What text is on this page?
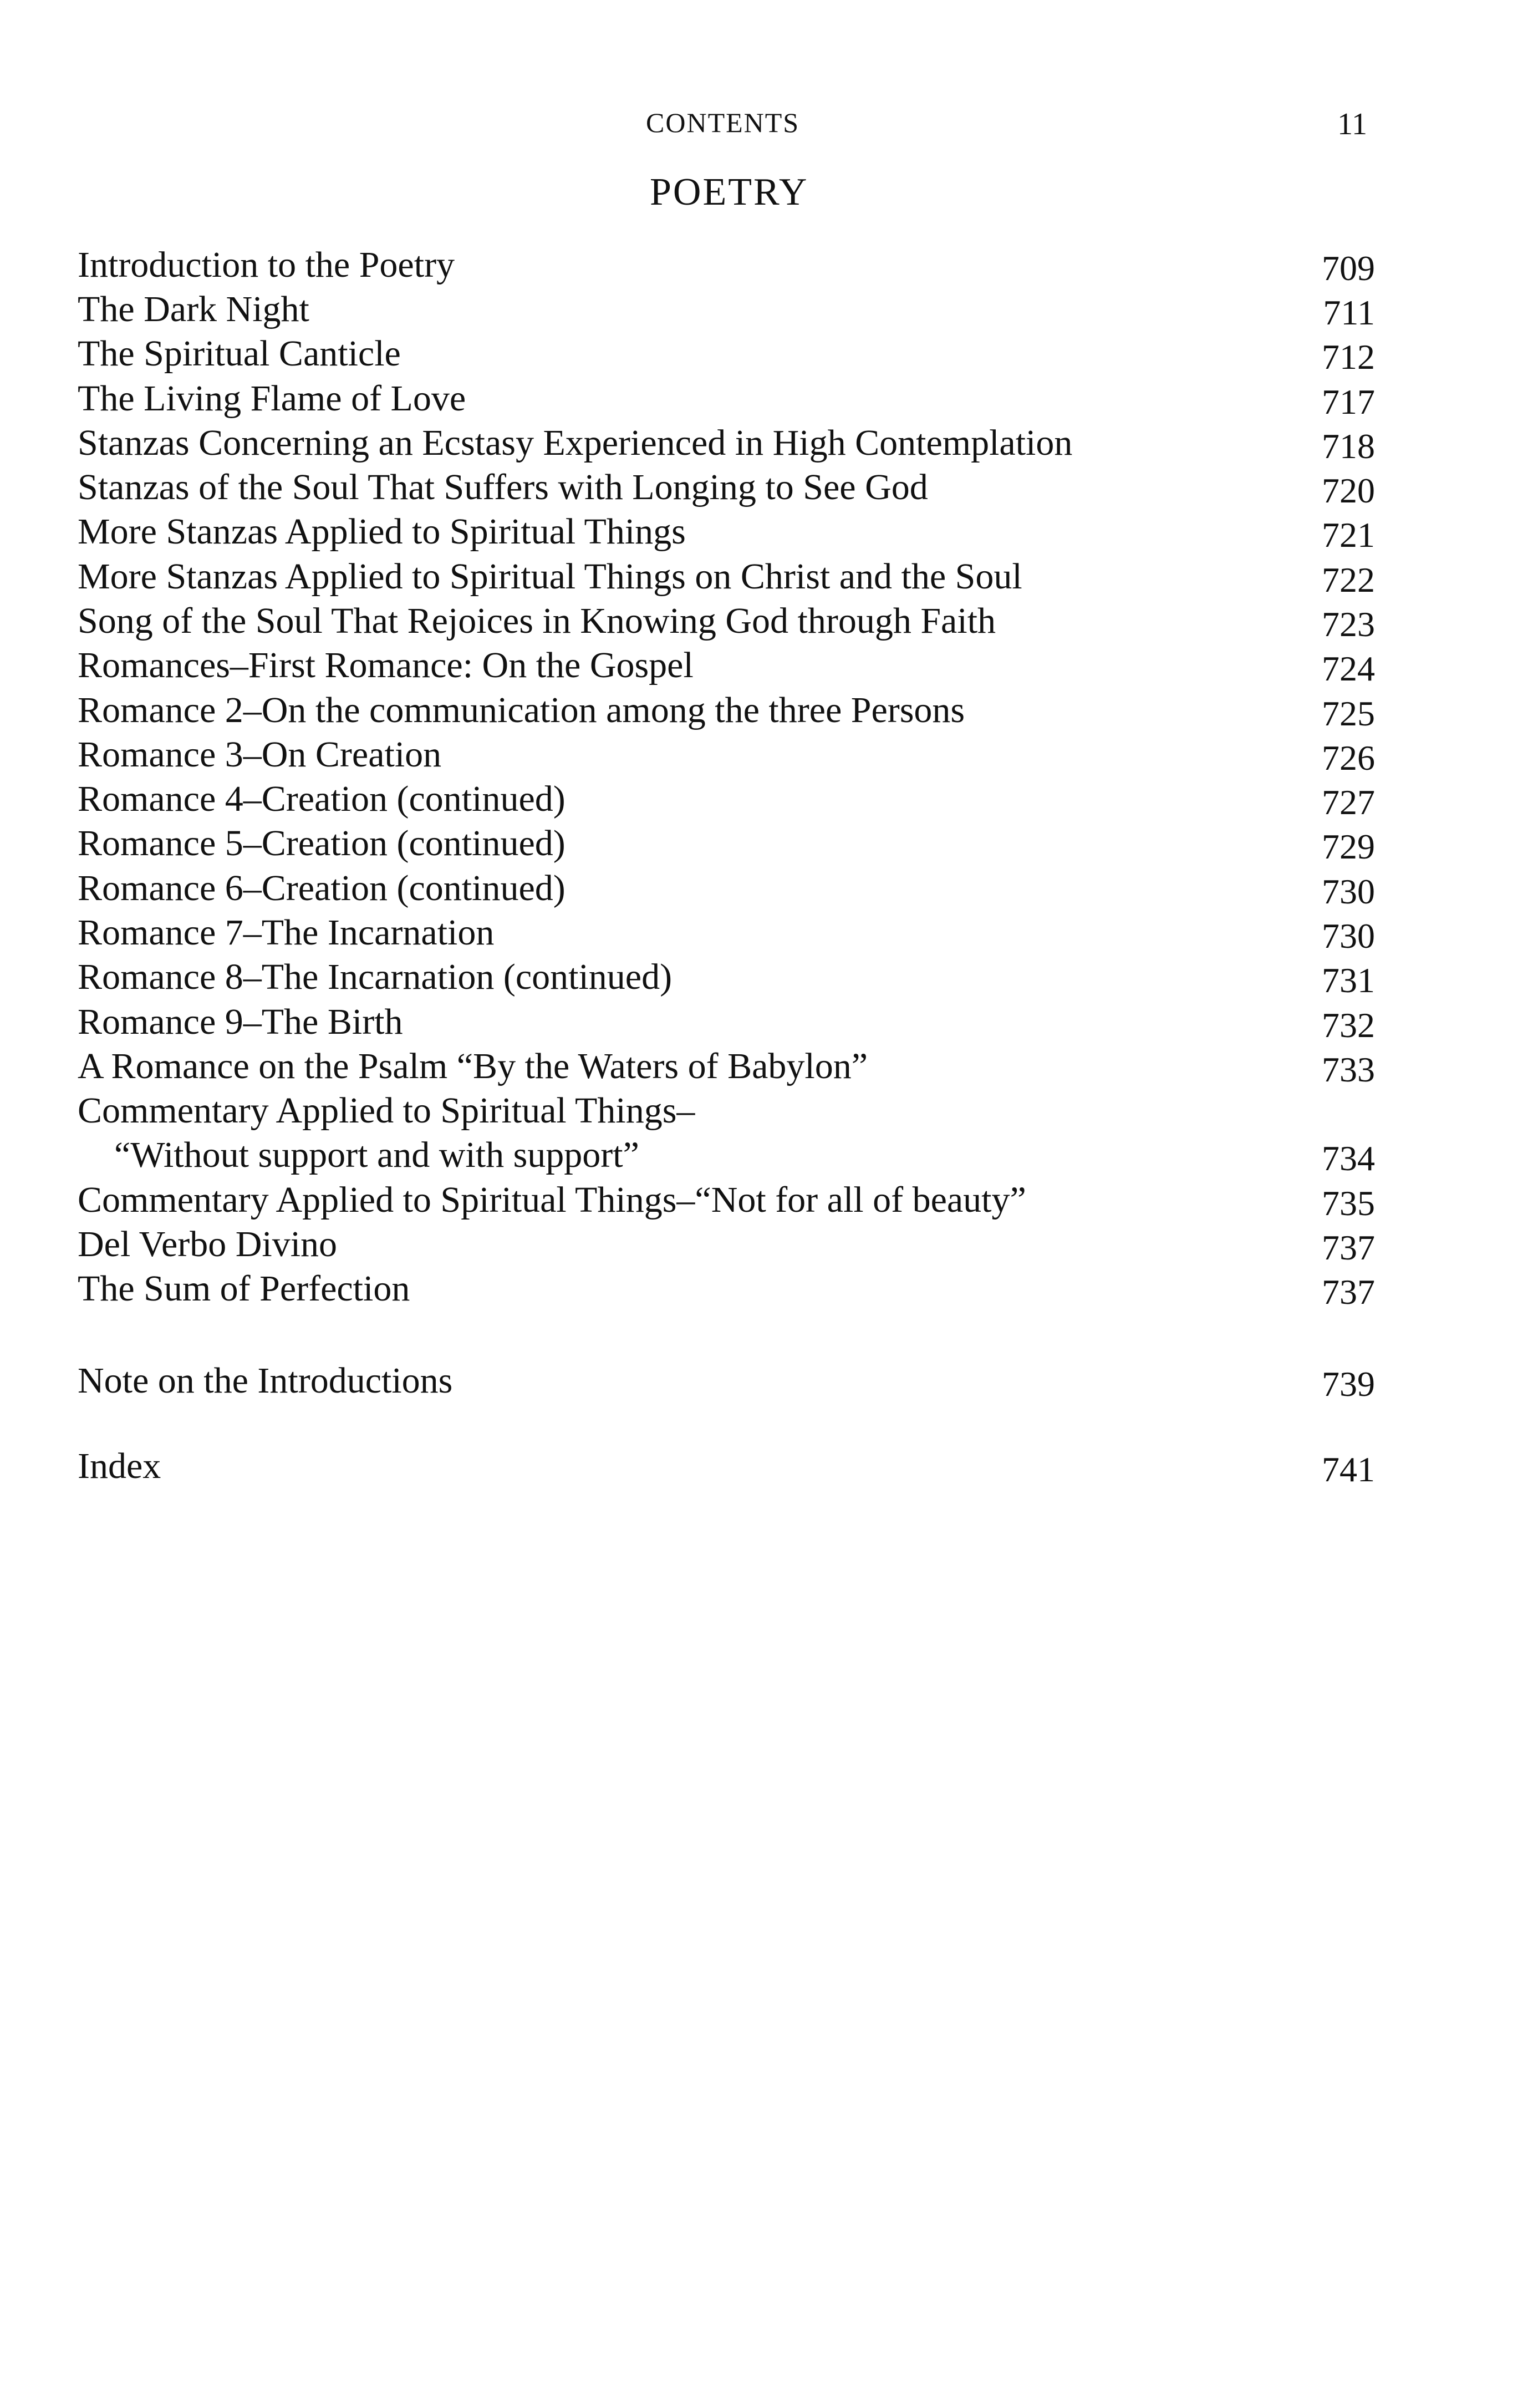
CONTENTS	11
POETRY
Introduction to the Poetry	709
The Dark Night	711
The Spiritual Canticle	712
The Living Flame of Love	717
Stanzas Concerning an Ecstasy Experienced in High Contemplation	718
Stanzas of the Soul That Suffers with Longing to See God	720
More Stanzas Applied to Spiritual Things	721
More Stanzas Applied to Spiritual Things on Christ and the Soul	722
Song of the Soul That Rejoices in Knowing God through Faith	723
Romances–First Romance: On the Gospel	724
Romance 2–On the communication among the three Persons	725
Romance 3–On Creation	726
Romance 4–Creation (continued)	727
Romance 5–Creation (continued)	729
Romance 6–Creation (continued)	730
Romance 7–The Incarnation	730
Romance 8–The Incarnation (continued)	731
Romance 9–The Birth	732
A Romance on the Psalm “By the Waters of Babylon”	733
Commentary Applied to Spiritual Things–
“Without support and with support”	734
Commentary Applied to Spiritual Things–“Not for all of beauty”	735
Del Verbo Divino	737
The Sum of Perfection	737
Note on the Introductions	739
Index	741
